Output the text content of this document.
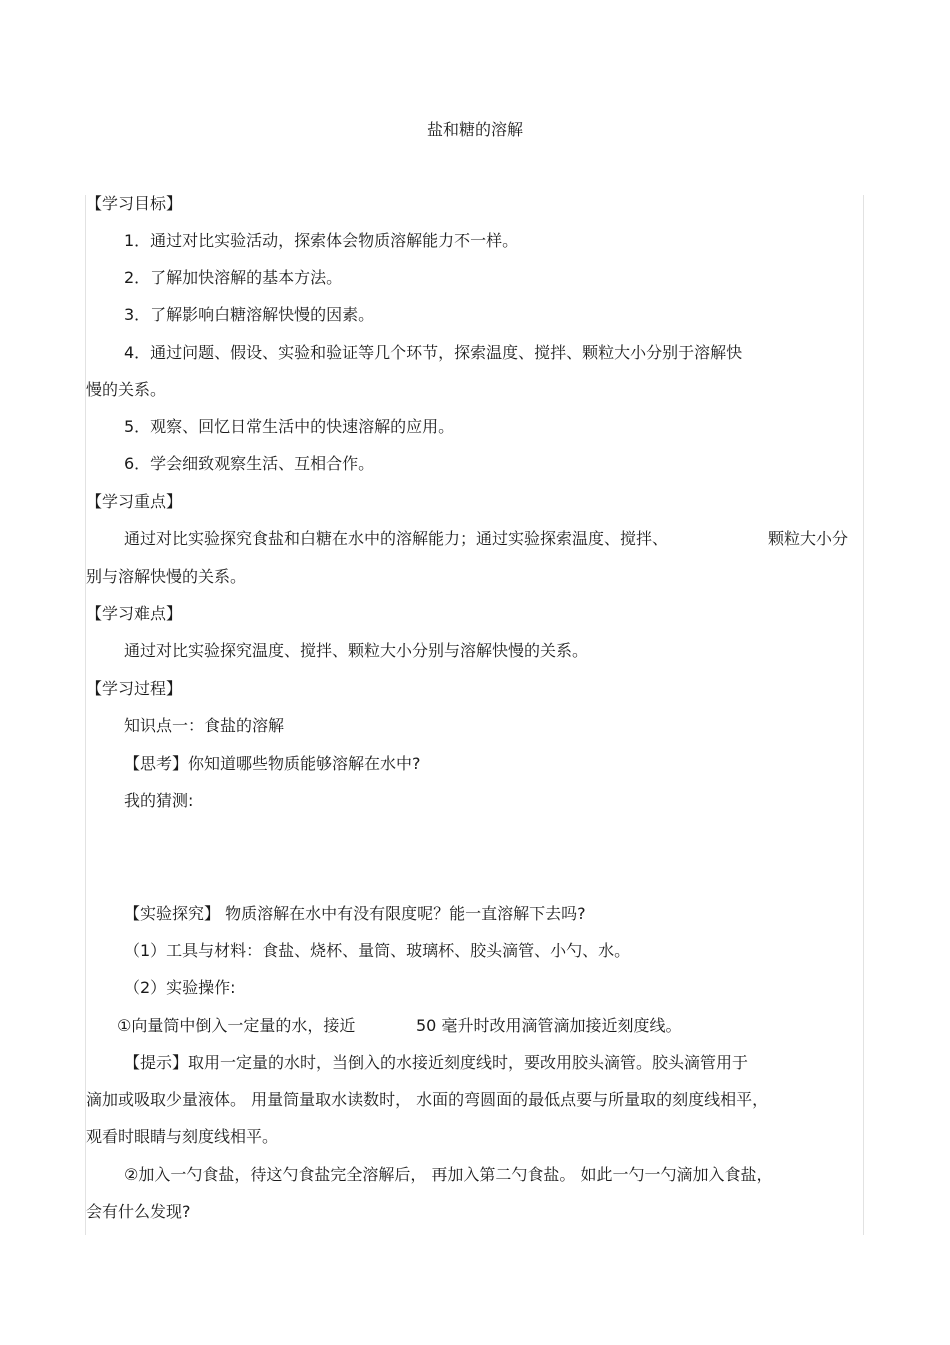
盐和糖的溶解
【学习目标】
1．通过对比实验活动，探索体会物质溶解能力不一样。
2．了解加快溶解的基本方法。
3．了解影响白糖溶解快慢的因素。
4．通过问题、假设、实验和验证等几个环节，探索温度、搅拌、颗粒大小分别于溶解快
慢的关系。
5．观察、回忆日常生活中的快速溶解的应用。
6．学会细致观察生活、互相合作。
【学习重点】
通过对比实验探究食盐和白糖在水中的溶解能力；通过实验探索温度、搅拌、	颗粒大小分
别与溶解快慢的关系。
【学习难点】
通过对比实验探究温度、搅拌、颗粒大小分别与溶解快慢的关系。
【学习过程】
知识点一：食盐的溶解
【思考】你知道哪些物质能够溶解在水中?
我的猜测:
【实验探究】 物质溶解在水中有没有限度呢？能一直溶解下去吗?
（1）工具与材料：食盐、烧杯、量筒、玻璃杯、胶头滴管、小勺、水。
（2）实验操作:
①向量筒中倒入一定量的水，接近	50 毫升时改用滴管滴加接近刻度线。
【提示】取用一定量的水时，当倒入的水接近刻度线时，要改用胶头滴管。胶头滴管用于
滴加或吸取少量液体。 用量筒量取水读数时， 水面的弯圆面的最低点要与所量取的刻度线相平，
观看时眼睛与刻度线相平。
②加入一勺食盐，待这勺食盐完全溶解后， 再加入第二勺食盐。 如此一勺一勺滴加入食盐，
会有什么发现?
